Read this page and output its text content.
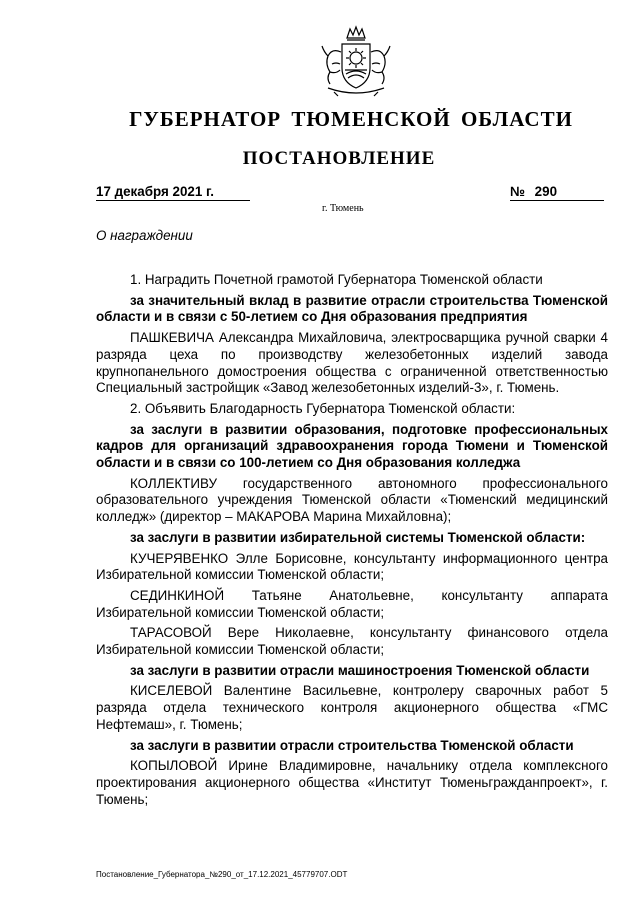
ГУБЕРНАТОР ТЮМЕНСКОЙ ОБЛАСТИ
ПОСТАНОВЛЕНИЕ
17 декабря 2021 г.	№ 290
г. Тюмень
О награждении

1. Наградить Почетной грамотой Губернатора Тюменской области

за значительный вклад в развитие отрасли строительства Тюменской области и в связи с 50-летием со Дня образования предприятия

ПАШКЕВИЧА Александра Михайловича, электросварщика ручной сварки 4 разряда цеха по производству железобетонных изделий завода крупнопанельного домостроения общества с ограниченной ответственностью Специальный застройщик «Завод железобетонных изделий-3», г. Тюмень.

2. Объявить Благодарность Губернатора Тюменской области:

за заслуги в развитии образования, подготовке профессиональных кадров для организаций здравоохранения города Тюмени и Тюменской области и в связи со 100-летием со Дня образования колледжа

КОЛЛЕКТИВУ государственного автономного профессионального образовательного учреждения Тюменской области «Тюменский медицинский колледж» (директор – МАКАРОВА Марина Михайловна);

за заслуги в развитии избирательной системы Тюменской области:

КУЧЕРЯВЕНКО Элле Борисовне, консультанту информационного центра Избирательной комиссии Тюменской области;

СЕДИНКИНОЙ Татьяне Анатольевне, консультанту аппарата Избирательной комиссии Тюменской области;

ТАРАСОВОЙ Вере Николаевне, консультанту финансового отдела Избирательной комиссии Тюменской области;

за заслуги в развитии отрасли машиностроения Тюменской области

КИСЕЛЕВОЙ Валентине Васильевне, контролеру сварочных работ 5 разряда отдела технического контроля акционерного общества «ГМС Нефтемаш», г. Тюмень;

за заслуги в развитии отрасли строительства Тюменской области

КОПЫЛОВОЙ Ирине Владимировне, начальнику отдела комплексного проектирования акционерного общества «Институт Тюменьгражданпроект», г. Тюмень;

Постановление_Губернатора_№290_от_17.12.2021_45779707.ODT
